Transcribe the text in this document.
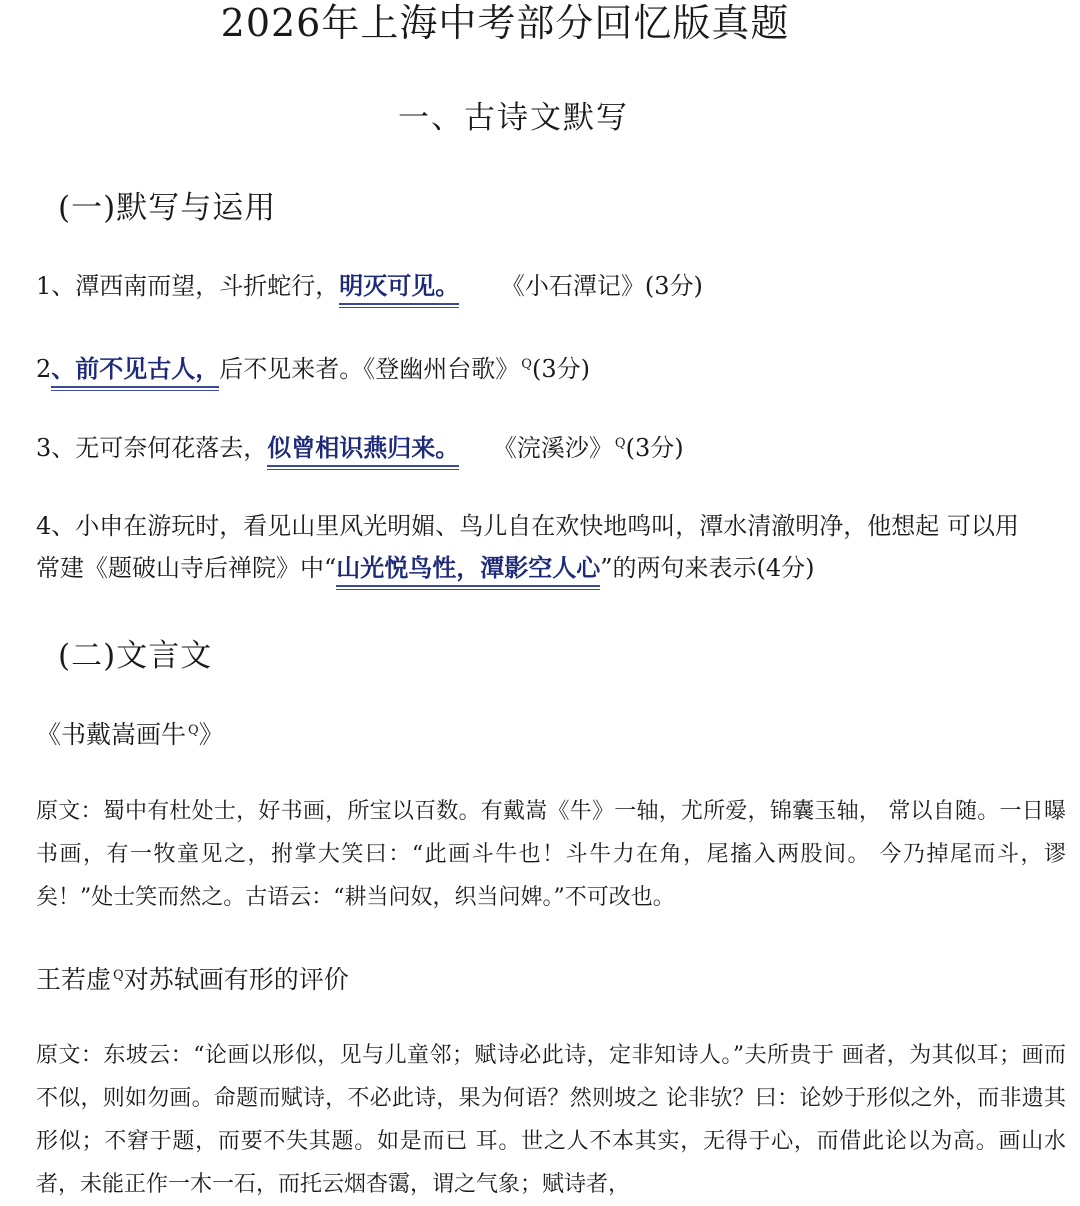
2026年上海中考部分回忆版真题
一、古诗文默写
(一)默写与运用
1、潭西南而望，斗折蛇行，明灭可见。 《小石潭记》(3分)
2、前不见古人，后不见来者。《登幽州台歌》 $^Q$(3分)
3、无可奈何花落去，似曾相识燕归来。 《浣溪沙》 $^Q$(3分)
4、小申在游玩时，看见山里风光明媚、鸟儿自在欢快地鸣叫，潭水清澈明净，他想起 可以用
常建《题破山寺后禅院》中“山光悦鸟性，潭影空人心”的两句来表示(4分)
(二)文言文
《书戴嵩画牛 $^Q$》
原文：蜀中有杜处士，好书画，所宝以百数。有戴嵩《牛》一轴，尤所爱，锦囊玉轴， 常以自随。一日曝书画，有一牧童见之，拊掌大笑曰：“此画斗牛也！斗牛力在角，尾搐入两股间。 今乃掉尾而斗，谬矣！”处士笑而然之。古语云：“耕当问奴，织当问婢。”不可改也。
王若虚 $^Q$对苏轼画有形的评价
原文：东坡云：“论画以形似，见与儿童邻；赋诗必此诗，定非知诗人。”夫所贵于 画者，为其似耳；画而不似，则如勿画。命题而赋诗，不必此诗，果为何语？然则坡之 论非欤？曰：论妙于形似之外，而非遗其形似；不窘于题，而要不失其题。如是而已 耳。世之人不本其实，无得于心，而借此论以为高。画山水者，未能正作一木一石，而托云烟杳霭，谓之气象；赋诗者，
